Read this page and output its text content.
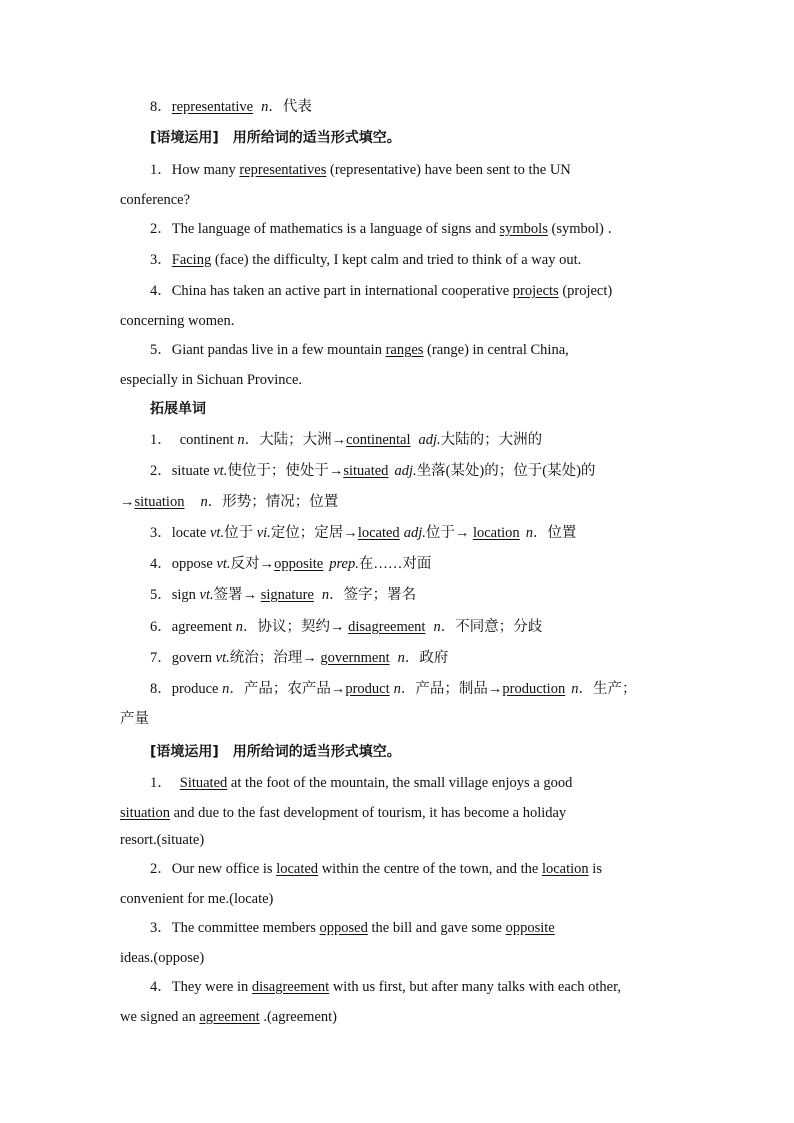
8．representative n．代表
[语境运用]　用所给词的适当形式填空。
1．How many representatives (representative) have been sent to the UN
conference?
2．The language of mathematics is a language of signs and symbols (symbol) ．
3．Facing (face) the difficulty, I kept calm and tried to think of a way out.
4．China has taken an active part in international cooperative projects (project)
concerning women.
5．Giant pandas live in a few mountain ranges (range) in central China,
especially in Sichuan Province.
拓展单词
1． continent n．大陆；大洲→continental adj.大陆的；大洲的
2．situate vt.使位于；使处于→situated adj.坐落(某处)的；位于(某处)的
→situation n．形势；情况；位置
3．locate vt.位于 vi.定位；定居→located adj.位于→ location n．位置
4．oppose vt.反对→opposite prep.在……对面
5．sign vt.签署→ signature n．签字；署名
6．agreement n．协议；契约→ disagreement n．不同意；分歧
7．govern vt.统治；治理→ government n．政府
8．produce n．产品；农产品→product n．产品；制品→production n．生产；
产量
[语境运用]　用所给词的适当形式填空。
1． Situated at the foot of the mountain, the small village enjoys a good
situation and due to the fast development of tourism, it has become a holiday
resort.(situate)
2．Our new office is located within the centre of the town, and the location is
convenient for me.(locate)
3．The committee members opposed the bill and gave some opposite
ideas.(oppose)
4．They were in disagreement with us first, but after many talks with each other,
we signed an agreement .(agreement)
